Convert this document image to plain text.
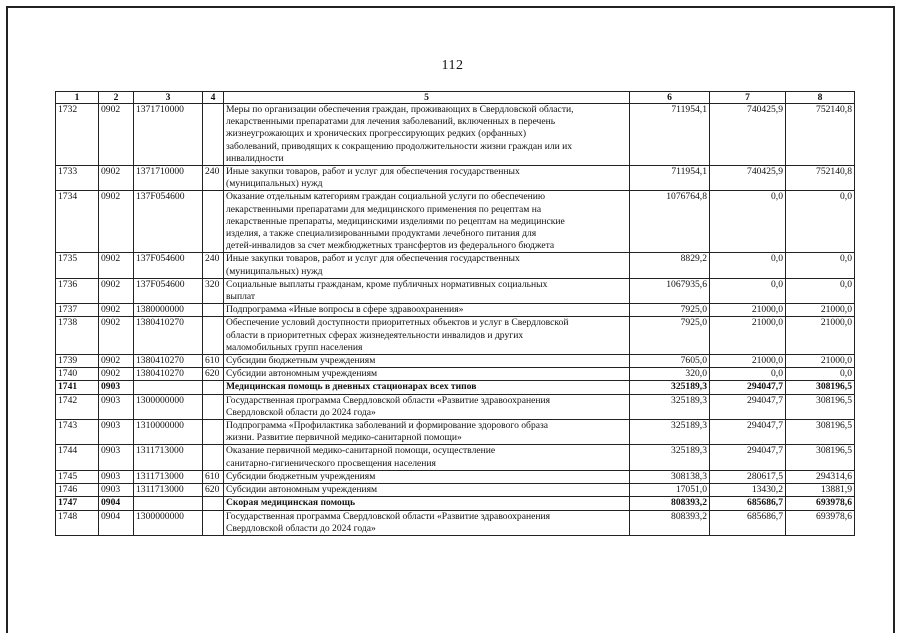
112
1	2	3	4	5	6	7	8
1732	0902	1371710000		Меры по организации обеспечения граждан, проживающих в Свердловской области,
лекарственными препаратами для лечения заболеваний, включенных в перечень
жизнеугрожающих и хронических прогрессирующих редких (орфанных)
заболеваний, приводящих к сокращению продолжительности жизни граждан или их
инвалидности	711954,1	740425,9	752140,8
1733	0902	1371710000	240	Иные закупки товаров, работ и услуг для обеспечения государственных
(муниципальных) нужд	711954,1	740425,9	752140,8
1734	0902	137F054600		Оказание отдельным категориям граждан социальной услуги по обеспечению
лекарственными препаратами для медицинского применения по рецептам на
лекарственные препараты, медицинскими изделиями по рецептам на медицинские
изделия, а также специализированными продуктами лечебного питания для
детей-инвалидов за счет межбюджетных трансфертов из федерального бюджета	1076764,8	0,0	0,0
1735	0902	137F054600	240	Иные закупки товаров, работ и услуг для обеспечения государственных
(муниципальных) нужд	8829,2	0,0	0,0
1736	0902	137F054600	320	Социальные выплаты гражданам, кроме публичных нормативных социальных
выплат	1067935,6	0,0	0,0
1737	0902	1380000000		Подпрограмма «Иные вопросы в сфере здравоохранения»	7925,0	21000,0	21000,0
1738	0902	1380410270		Обеспечение условий доступности приоритетных объектов и услуг в Свердловской
области в приоритетных сферах жизнедеятельности инвалидов и других
маломобильных групп населения	7925,0	21000,0	21000,0
1739	0902	1380410270	610	Субсидии бюджетным учреждениям	7605,0	21000,0	21000,0
1740	0902	1380410270	620	Субсидии автономным учреждениям	320,0	0,0	0,0
1741	0903			Медицинская помощь в дневных стационарах всех типов	325189,3	294047,7	308196,5
1742	0903	1300000000		Государственная программа Свердловской области «Развитие здравоохранения
Свердловской области до 2024 года»	325189,3	294047,7	308196,5
1743	0903	1310000000		Подпрограмма «Профилактика заболеваний и формирование здорового образа
жизни. Развитие первичной медико-санитарной помощи»	325189,3	294047,7	308196,5
1744	0903	1311713000		Оказание первичной медико-санитарной помощи, осуществление
санитарно-гигиенического просвещения населения	325189,3	294047,7	308196,5
1745	0903	1311713000	610	Субсидии бюджетным учреждениям	308138,3	280617,5	294314,6
1746	0903	1311713000	620	Субсидии автономным учреждениям	17051,0	13430,2	13881,9
1747	0904			Скорая медицинская помощь	808393,2	685686,7	693978,6
1748	0904	1300000000		Государственная программа Свердловской области «Развитие здравоохранения
Свердловской области до 2024 года»	808393,2	685686,7	693978,6
